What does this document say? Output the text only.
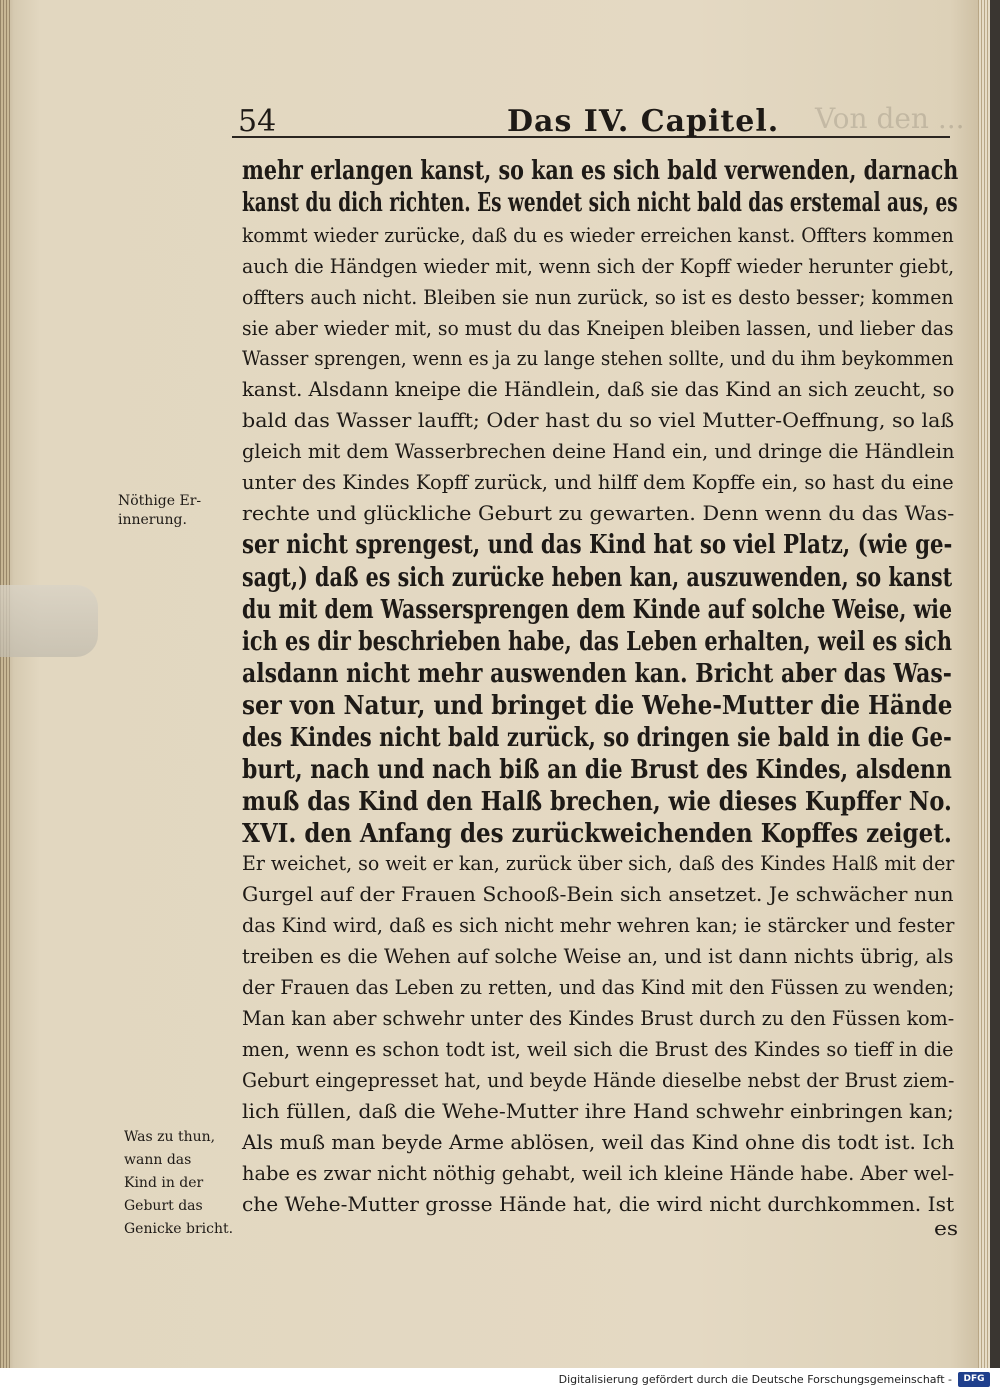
54	Das IV. Capitel. Von den ...
mehr erlangen kanst, so kan es sich bald verwenden, darnach
kanst du dich richten. Es wendet sich nicht bald das erstemal aus, es
kommt wieder zurücke, daß du es wieder erreichen kanst. Offters kommen
auch die Händgen wieder mit, wenn sich der Kopff wieder herunter giebt,
offters auch nicht. Bleiben sie nun zurück, so ist es desto besser; kommen
sie aber wieder mit, so must du das Kneipen bleiben lassen, und lieber das
Wasser sprengen, wenn es ja zu lange stehen sollte, und du ihm beykommen
kanst. Alsdann kneipe die Händlein, daß sie das Kind an sich zeucht, so
bald das Wasser laufft; Oder hast du so viel Mutter-Oeffnung, so laß
gleich mit dem Wasserbrechen deine Hand ein, und dringe die Händlein
unter des Kindes Kopff zurück, und hilff dem Kopffe ein, so hast du eine
rechte und glückliche Geburt zu gewarten. Denn wenn du das Was-
ser nicht sprengest, und das Kind hat so viel Platz, (wie ge-
sagt,) daß es sich zurücke heben kan, auszuwenden, so kanst
du mit dem Wassersprengen dem Kinde auf solche Weise, wie
ich es dir beschrieben habe, das Leben erhalten, weil es sich
alsdann nicht mehr auswenden kan. Bricht aber das Was-
ser von Natur, und bringet die Wehe-Mutter die Hände
des Kindes nicht bald zurück, so dringen sie bald in die Ge-
burt, nach und nach biß an die Brust des Kindes, alsdenn
muß das Kind den Halß brechen, wie dieses Kupffer No.
XVI. den Anfang des zurückweichenden Kopffes zeiget.
Er weichet, so weit er kan, zurück über sich, daß des Kindes Halß mit der
Gurgel auf der Frauen Schooß-Bein sich ansetzet. Je schwächer nun
das Kind wird, daß es sich nicht mehr wehren kan; ie stärcker und fester
treiben es die Wehen auf solche Weise an, und ist dann nichts übrig, als
der Frauen das Leben zu retten, und das Kind mit den Füssen zu wenden;
Man kan aber schwehr unter des Kindes Brust durch zu den Füssen kom-
men, wenn es schon todt ist, weil sich die Brust des Kindes so tieff in die
Geburt eingepresset hat, und beyde Hände dieselbe nebst der Brust ziem-
lich füllen, daß die Wehe-Mutter ihre Hand schwehr einbringen kan;
Als muß man beyde Arme ablösen, weil das Kind ohne dis todt ist. Ich
habe es zwar nicht nöthig gehabt, weil ich kleine Hände habe. Aber wel-
che Wehe-Mutter grosse Hände hat, die wird nicht durchkommen. Ist
es
Nöthige Er-
innerung.
Was zu thun,
wann das
Kind in der
Geburt das
Genicke bricht.
Digitalisierung gefördert durch die Deutsche Forschungsgemeinschaft -	DFG
